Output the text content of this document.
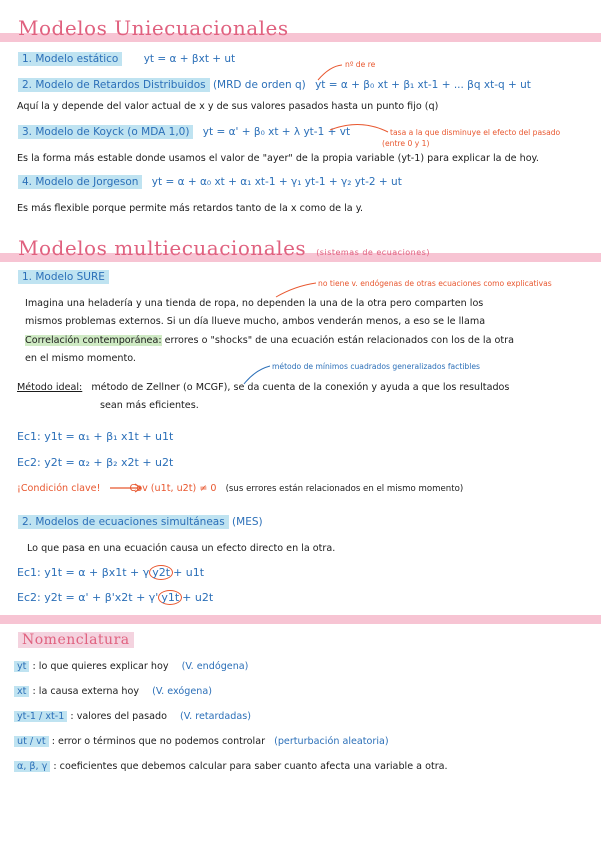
Modelos Uniecuacionales
1. Modelo estático yt = α + βxt + ut	nº de re
2. Modelo de Retardos Distribuidos (MRD de orden q) yt = α + β₀ xt + β₁ xt-1 + ... βq xt-q + ut
Aquí la y depende del valor actual de x y de sus valores pasados hasta un punto fijo (q)
3. Modelo de Koyck (o MDA 1,0) yt = α' + β₀ xt + λ yt-1 + vt	tasa a la que disminuye el efecto del pasado
(entre 0 y 1)
Es la forma más estable donde usamos el valor de "ayer" de la propia variable (yt-1) para explicar la de hoy.
4. Modelo de Jorgeson yt = α + α₀ xt + α₁ xt-1 + γ₁ yt-1 + γ₂ yt-2 + ut
Es más flexible porque permite más retardos tanto de la x como de la y.
Modelos multiecuacionales (sistemas de ecuaciones)
1. Modelo SURE
no tiene v. endógenas de otras ecuaciones como explicativas
Imagina una heladería y una tienda de ropa, no dependen la una de la otra pero comparten los
mismos problemas externos. Si un día llueve mucho, ambos venderán menos, a eso se le llama
Correlación contemporánea: errores o "shocks" de una ecuación están relacionados con los de la otra
en el mismo momento.
método de mínimos cuadrados generalizados factibles
Método ideal: método de Zellner (o MCGF), se da cuenta de la conexión y ayuda a que los resultados
sean más eficientes.
Ec1: y1t = α₁ + β₁ x1t + u1t
Ec2: y2t = α₂ + β₂ x2t + u2t
¡Condición clave!	Cov (u1t, u2t) ≠ 0 (sus errores están relacionados en el mismo momento)
2. Modelos de ecuaciones simultáneas (MES)
Lo que pasa en una ecuación causa un efecto directo en la otra.
Ec1: y1t = α + βx1t + γ y2t + u1t
Ec2: y2t = α' + β'x2t + γ' y1t + u2t
Nomenclatura
yt : lo que quieres explicar hoy (V. endógena)
xt : la causa externa hoy (V. exógena)
yt-1 / xt-1 : valores del pasado (V. retardadas)
ut / vt : error o términos que no podemos controlar (perturbación aleatoria)
α, β, γ : coeficientes que debemos calcular para saber cuanto afecta una variable a otra.
